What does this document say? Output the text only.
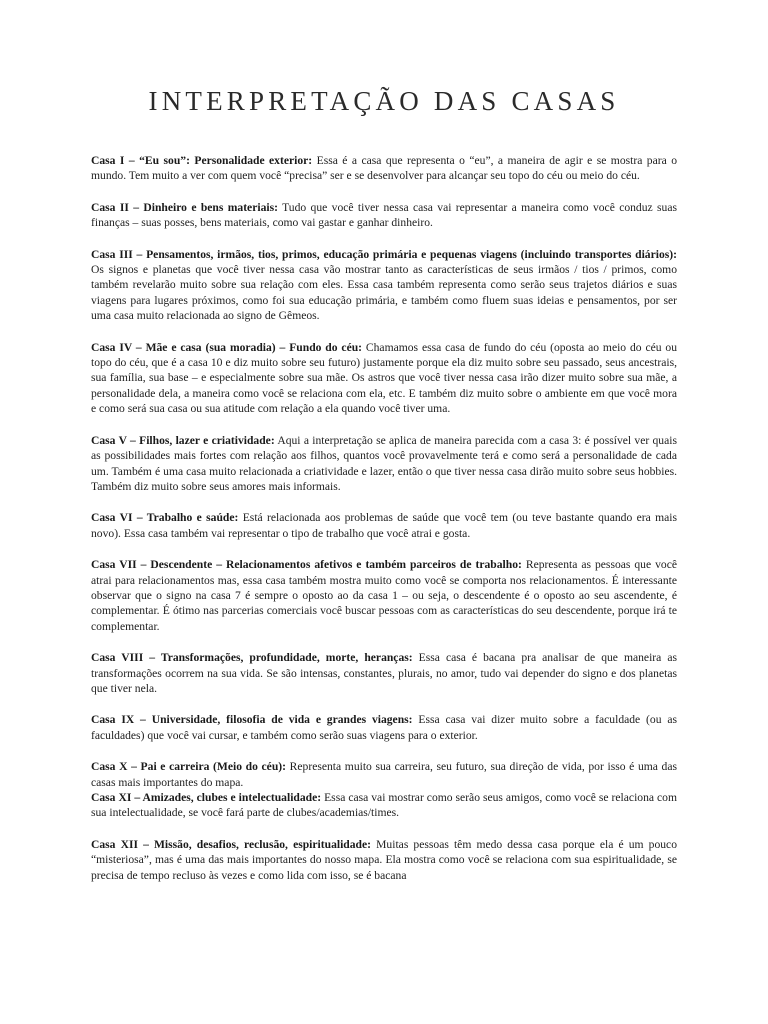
INTERPRETAÇÃO DAS CASAS

Casa I – “Eu sou”: Personalidade exterior: Essa é a casa que representa o “eu”, a maneira de agir e se mostra para o mundo. Tem muito a ver com quem você “precisa” ser e se desenvolver para alcançar seu topo do céu ou meio do céu.

Casa II – Dinheiro e bens materiais: Tudo que você tiver nessa casa vai representar a maneira como você conduz suas finanças – suas posses, bens materiais, como vai gastar e ganhar dinheiro.

Casa III – Pensamentos, irmãos, tios, primos, educação primária e pequenas viagens (incluindo transportes diários): Os signos e planetas que você tiver nessa casa vão mostrar tanto as características de seus irmãos / tios / primos, como também revelarão muito sobre sua relação com eles. Essa casa também representa como serão seus trajetos diários e suas viagens para lugares próximos, como foi sua educação primária, e também como fluem suas ideias e pensamentos, por ser uma casa muito relacionada ao signo de Gêmeos.

Casa IV – Mãe e casa (sua moradia) – Fundo do céu: Chamamos essa casa de fundo do céu (oposta ao meio do céu ou topo do céu, que é a casa 10 e diz muito sobre seu futuro) justamente porque ela diz muito sobre seu passado, seus ancestrais, sua família, sua base – e especialmente sobre sua mãe. Os astros que você tiver nessa casa irão dizer muito sobre sua mãe, a personalidade dela, a maneira como você se relaciona com ela, etc. E também diz muito sobre o ambiente em que você mora e como será sua casa ou sua atitude com relação a ela quando você tiver uma.

Casa V – Filhos, lazer e criatividade: Aqui a interpretação se aplica de maneira parecida com a casa 3: é possível ver quais as possibilidades mais fortes com relação aos filhos, quantos você provavelmente terá e como será a personalidade de cada um. Também é uma casa muito relacionada a criatividade e lazer, então o que tiver nessa casa dirão muito sobre seus hobbies. Também diz muito sobre seus amores mais informais.

Casa VI – Trabalho e saúde: Está relacionada aos problemas de saúde que você tem (ou teve bastante quando era mais novo). Essa casa também vai representar o tipo de trabalho que você atrai e gosta.

Casa VII – Descendente – Relacionamentos afetivos e também parceiros de trabalho: Representa as pessoas que você atrai para relacionamentos mas, essa casa também mostra muito como você se comporta nos relacionamentos. É interessante observar que o signo na casa 7 é sempre o oposto ao da casa 1 – ou seja, o descendente é o oposto ao seu ascendente, é complementar. É ótimo nas parcerias comerciais você buscar pessoas com as características do seu descendente, porque irá te complementar.

Casa VIII – Transformações, profundidade, morte, heranças: Essa casa é bacana pra analisar de que maneira as transformações ocorrem na sua vida. Se são intensas, constantes, plurais, no amor, tudo vai depender do signo e dos planetas que tiver nela.

Casa IX – Universidade, filosofia de vida e grandes viagens: Essa casa vai dizer muito sobre a faculdade (ou as faculdades) que você vai cursar, e também como serão suas viagens para o exterior.

Casa X – Pai e carreira (Meio do céu): Representa muito sua carreira, seu futuro, sua direção de vida, por isso é uma das casas mais importantes do mapa.

Casa XI – Amizades, clubes e intelectualidade: Essa casa vai mostrar como serão seus amigos, como você se relaciona com sua intelectualidade, se você fará parte de clubes/academias/times.

Casa XII – Missão, desafios, reclusão, espiritualidade: Muitas pessoas têm medo dessa casa porque ela é um pouco “misteriosa”, mas é uma das mais importantes do nosso mapa. Ela mostra como você se relaciona com sua espiritualidade, se precisa de tempo recluso às vezes e como lida com isso, se é bacana
